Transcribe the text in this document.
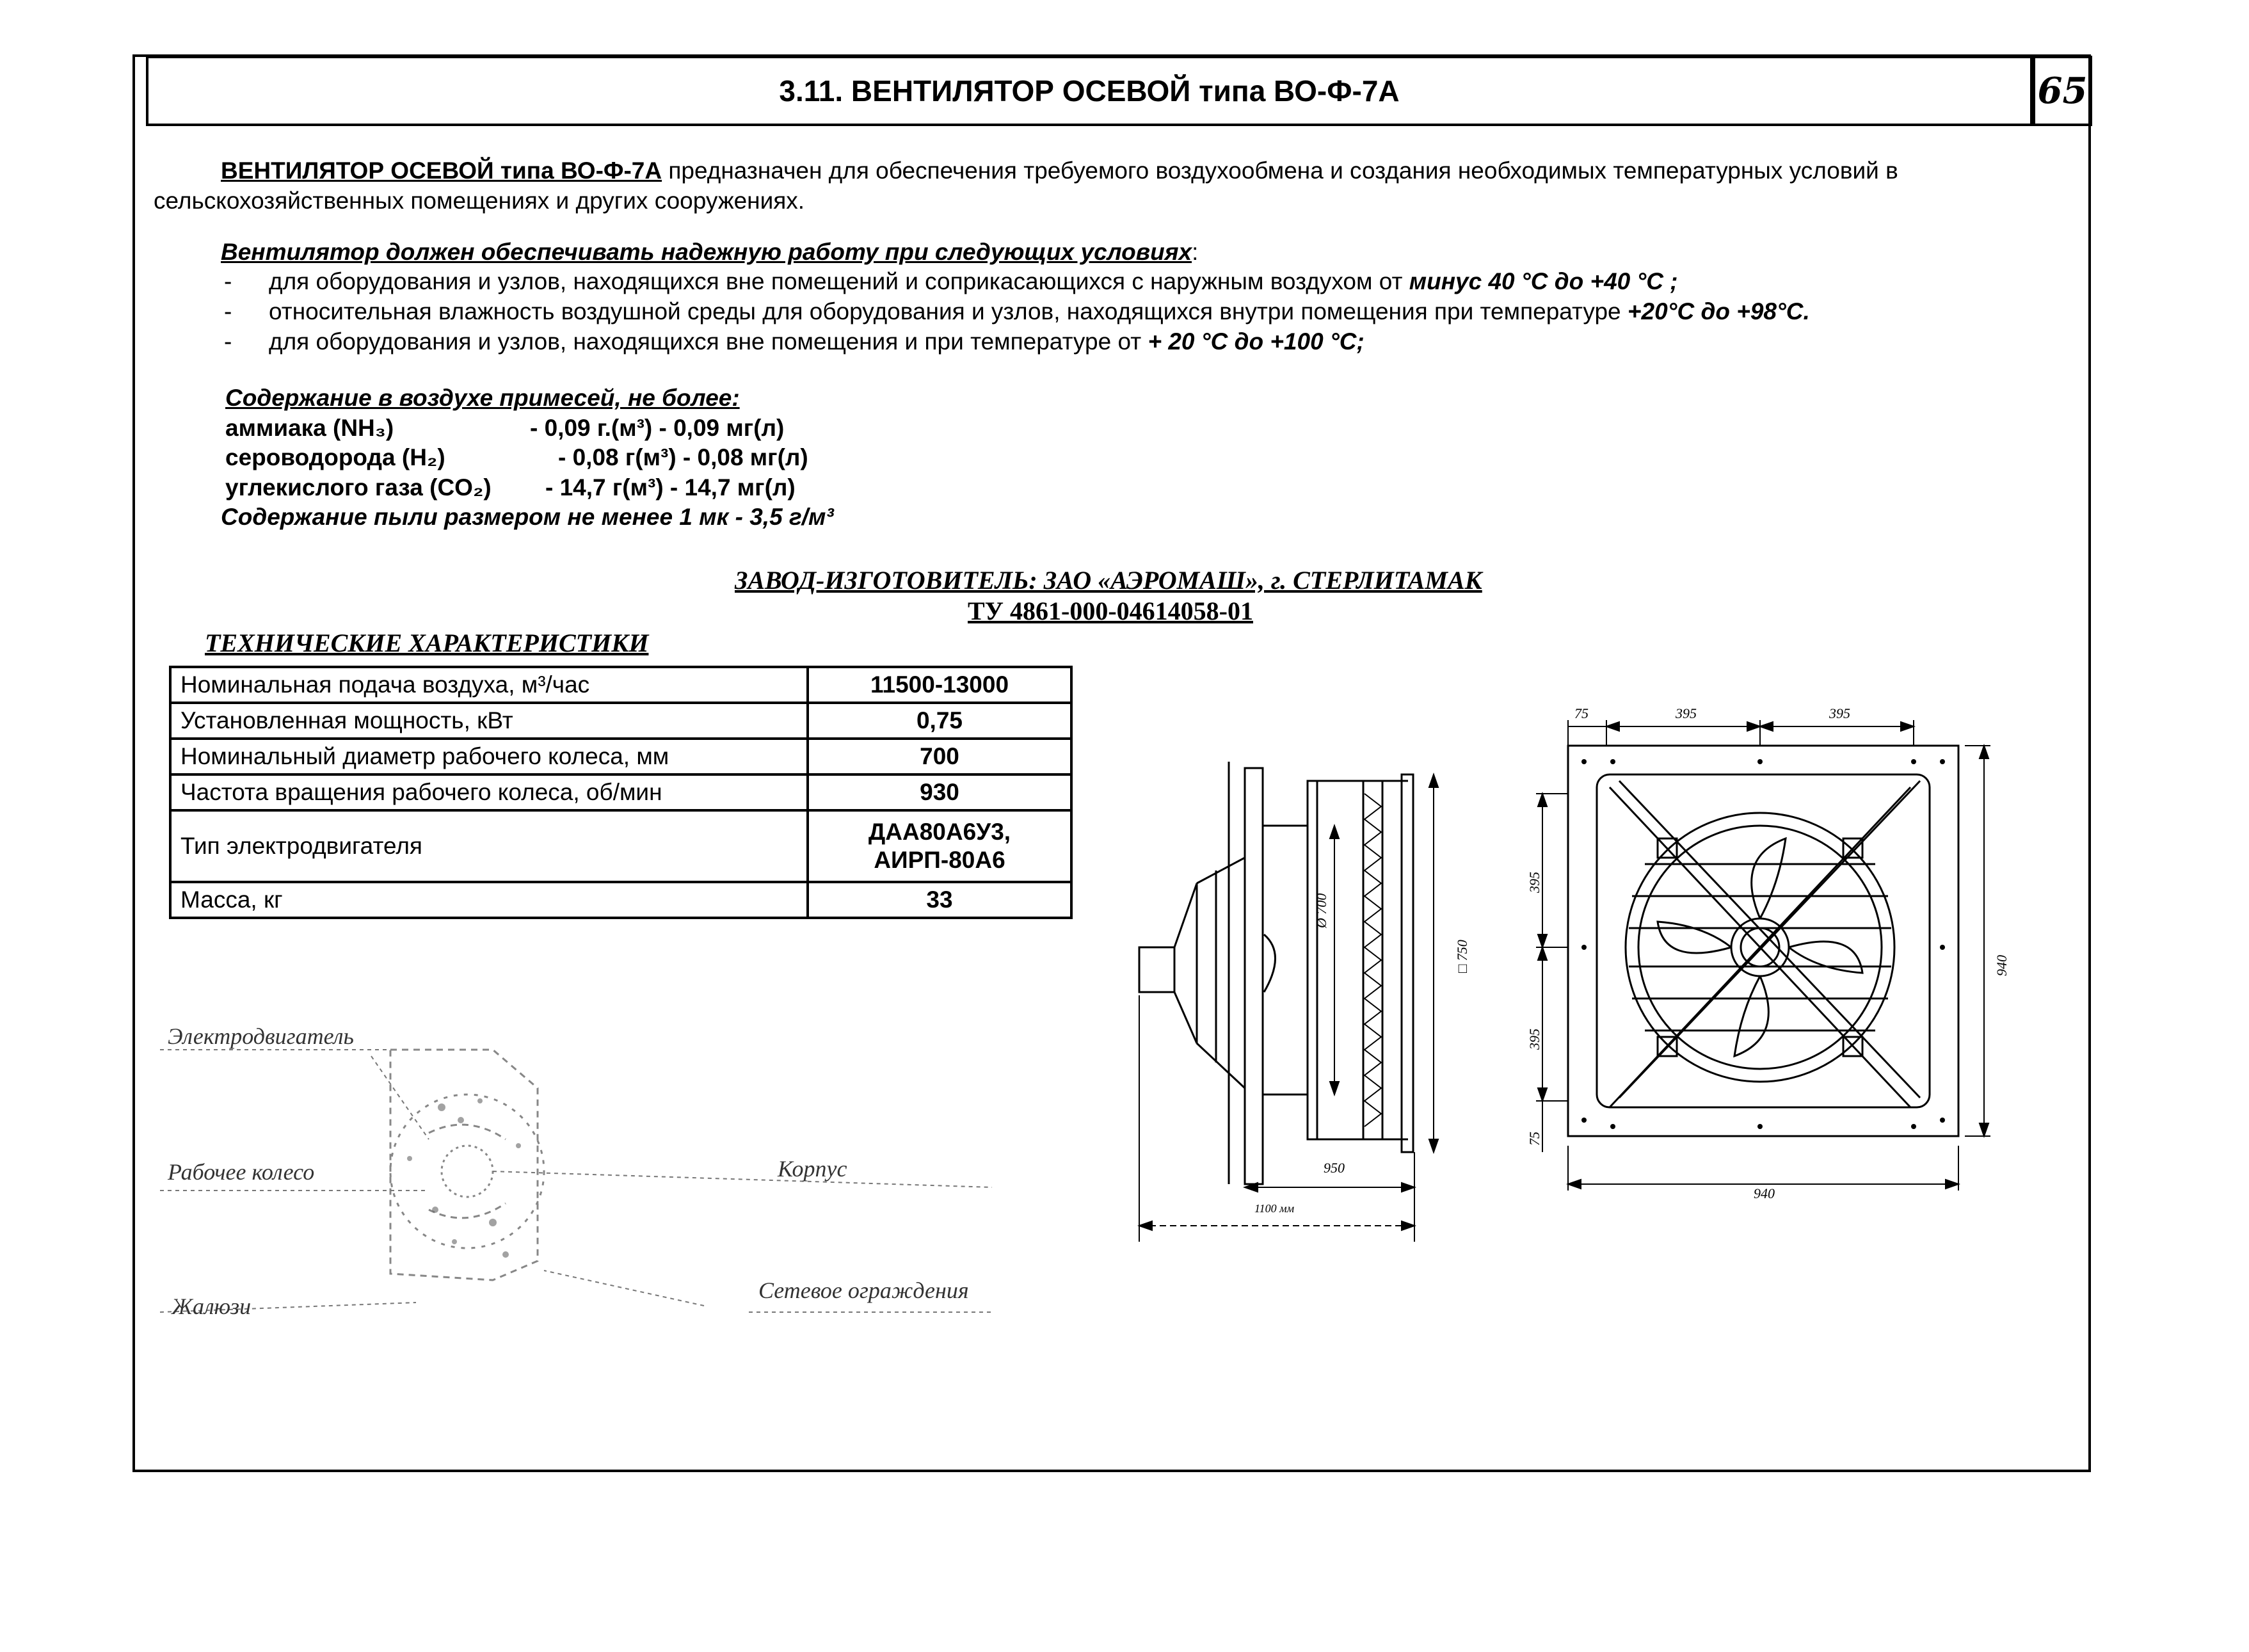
3.11. ВЕНТИЛЯТОР ОСЕВОЙ типа ВО-Ф-7А	65
ВЕНТИЛЯТОР ОСЕВОЙ типа ВО-Ф-7А предназначен для обеспечения требуемого воздухообмена и создания необходимых температурных условий в
сельскохозяйственных помещениях и других сооружениях.
Вентилятор должен обеспечивать надежную работу при следующих условиях:
- для оборудования и узлов, находящихся вне помещений и соприкасающихся с наружным воздухом от минус 40 °С до +40 °С ;
- относительная влажность воздушной среды для оборудования и узлов, находящихся внутри помещения при температуре +20°С до +98°С.
- для оборудования и узлов, находящихся вне помещения и при температуре от + 20 °С до +100 °С;
Содержание в воздухе примесей, не более:
аммиака (NH₃)	- 0,09 г.(м³) - 0,09 мг(л)
сероводорода (H₂)	- 0,08 г(м³) - 0,08 мг(л)
углекислого газа (CO₂) - 14,7 г(м³) - 14,7 мг(л)
Содержание пыли размером не менее 1 мк - 3,5 г/м³
ЗАВОД-ИЗГОТОВИТЕЛЬ: ЗАО «АЭРОМАШ», г. СТЕРЛИТАМАК
ТУ 4861-000-04614058-01
ТЕХНИЧЕСКИЕ ХАРАКТЕРИСТИКИ
Номинальная подача воздуха, м³/час	11500-13000
Установленная мощность, кВт	0,75
Номинальный диаметр рабочего колеса, мм	700
Частота вращения рабочего колеса, об/мин	930
Тип электродвигателя	ДАА80А6У3,
АИРП-80А6

Масса, кг	33
Электродвигатель
Рабочее колесо	Корпус
Жалюзи
Сетевое ограждения
Ø 700
□ 750
950
1100 мм
75	395	395
940
940
395
395
75
